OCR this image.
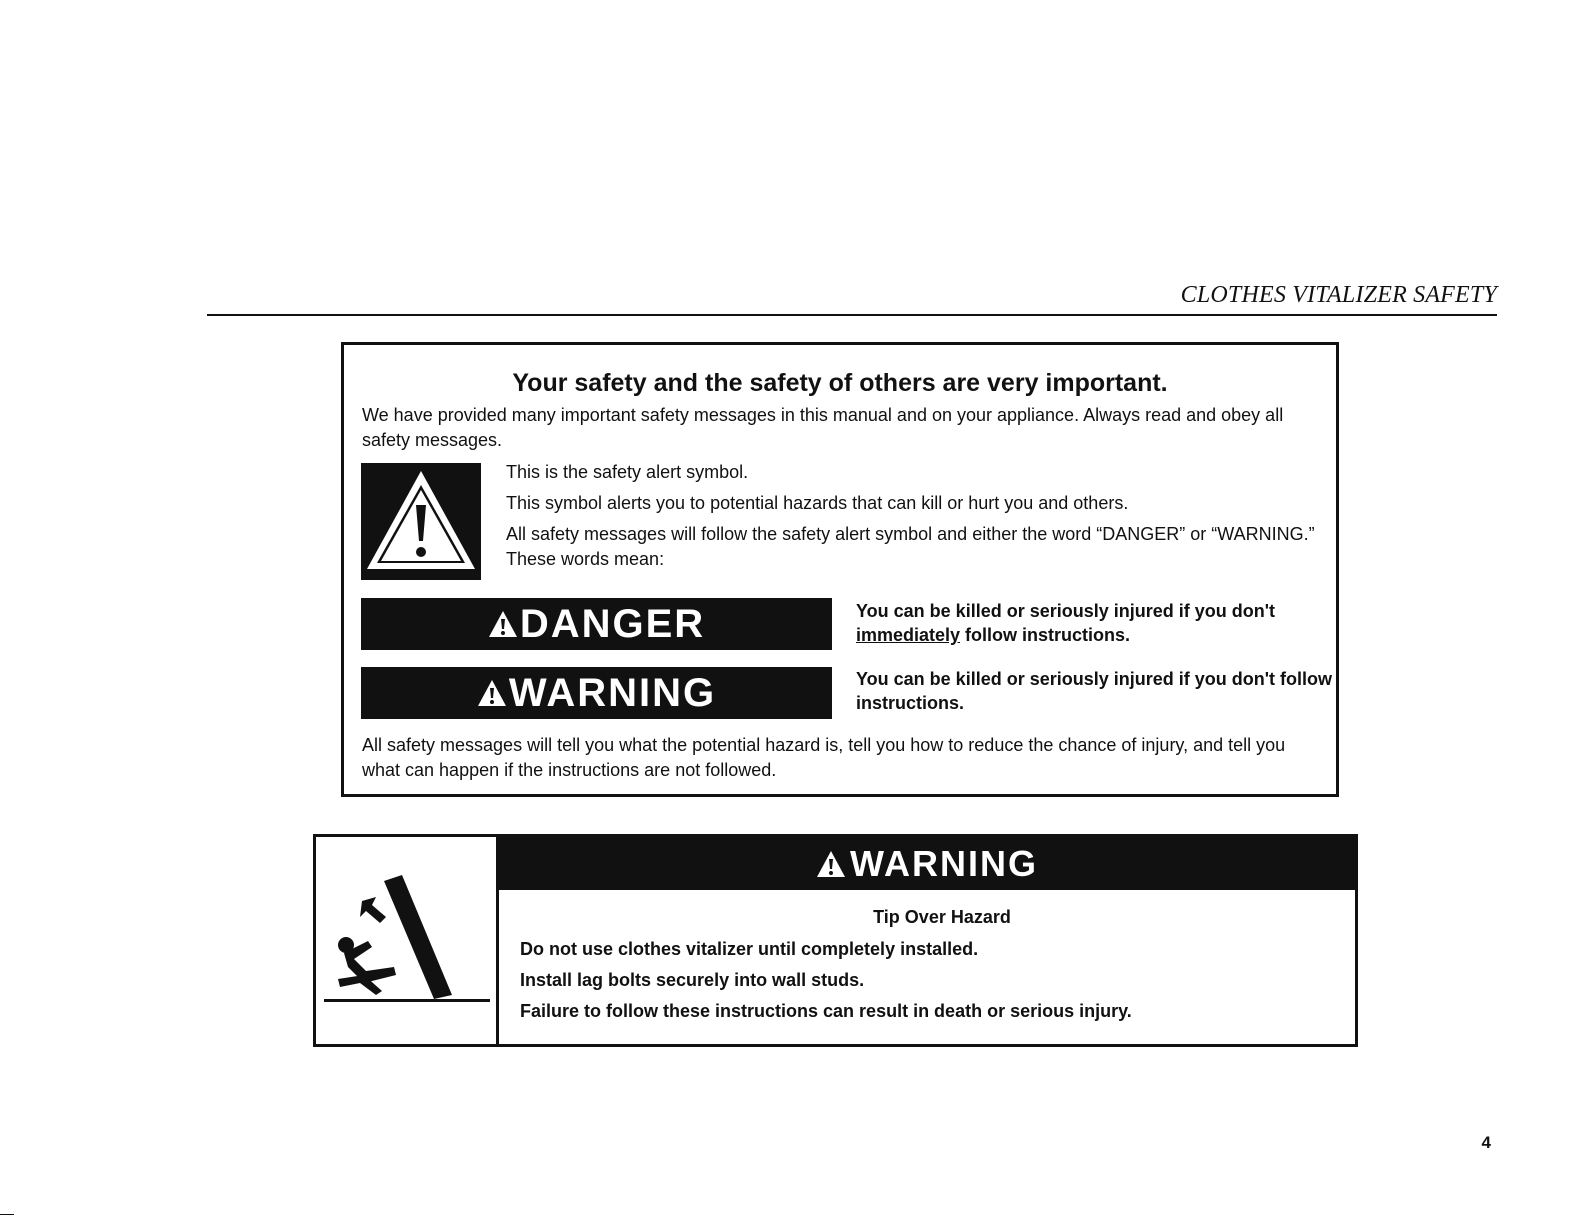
CLOTHES VITALIZER SAFETY
Your safety and the safety of others are very important.

We have provided many important safety messages in this manual and on your appliance. Always read and obey all safety messages.

This is the safety alert symbol.

This symbol alerts you to potential hazards that can kill or hurt you and others.

All safety messages will follow the safety alert symbol and either the word “DANGER” or “WARNING.” These words mean:

DANGER	You can be killed or seriously injured if you don't immediately follow instructions.
WARNING	You can be killed or seriously injured if you don't follow instructions.

All safety messages will tell you what the potential hazard is, tell you how to reduce the chance of injury, and tell you what can happen if the instructions are not followed.

WARNING
Tip Over Hazard

Do not use clothes vitalizer until completely installed.

Install lag bolts securely into wall studs.

Failure to follow these instructions can result in death or serious injury.

4
